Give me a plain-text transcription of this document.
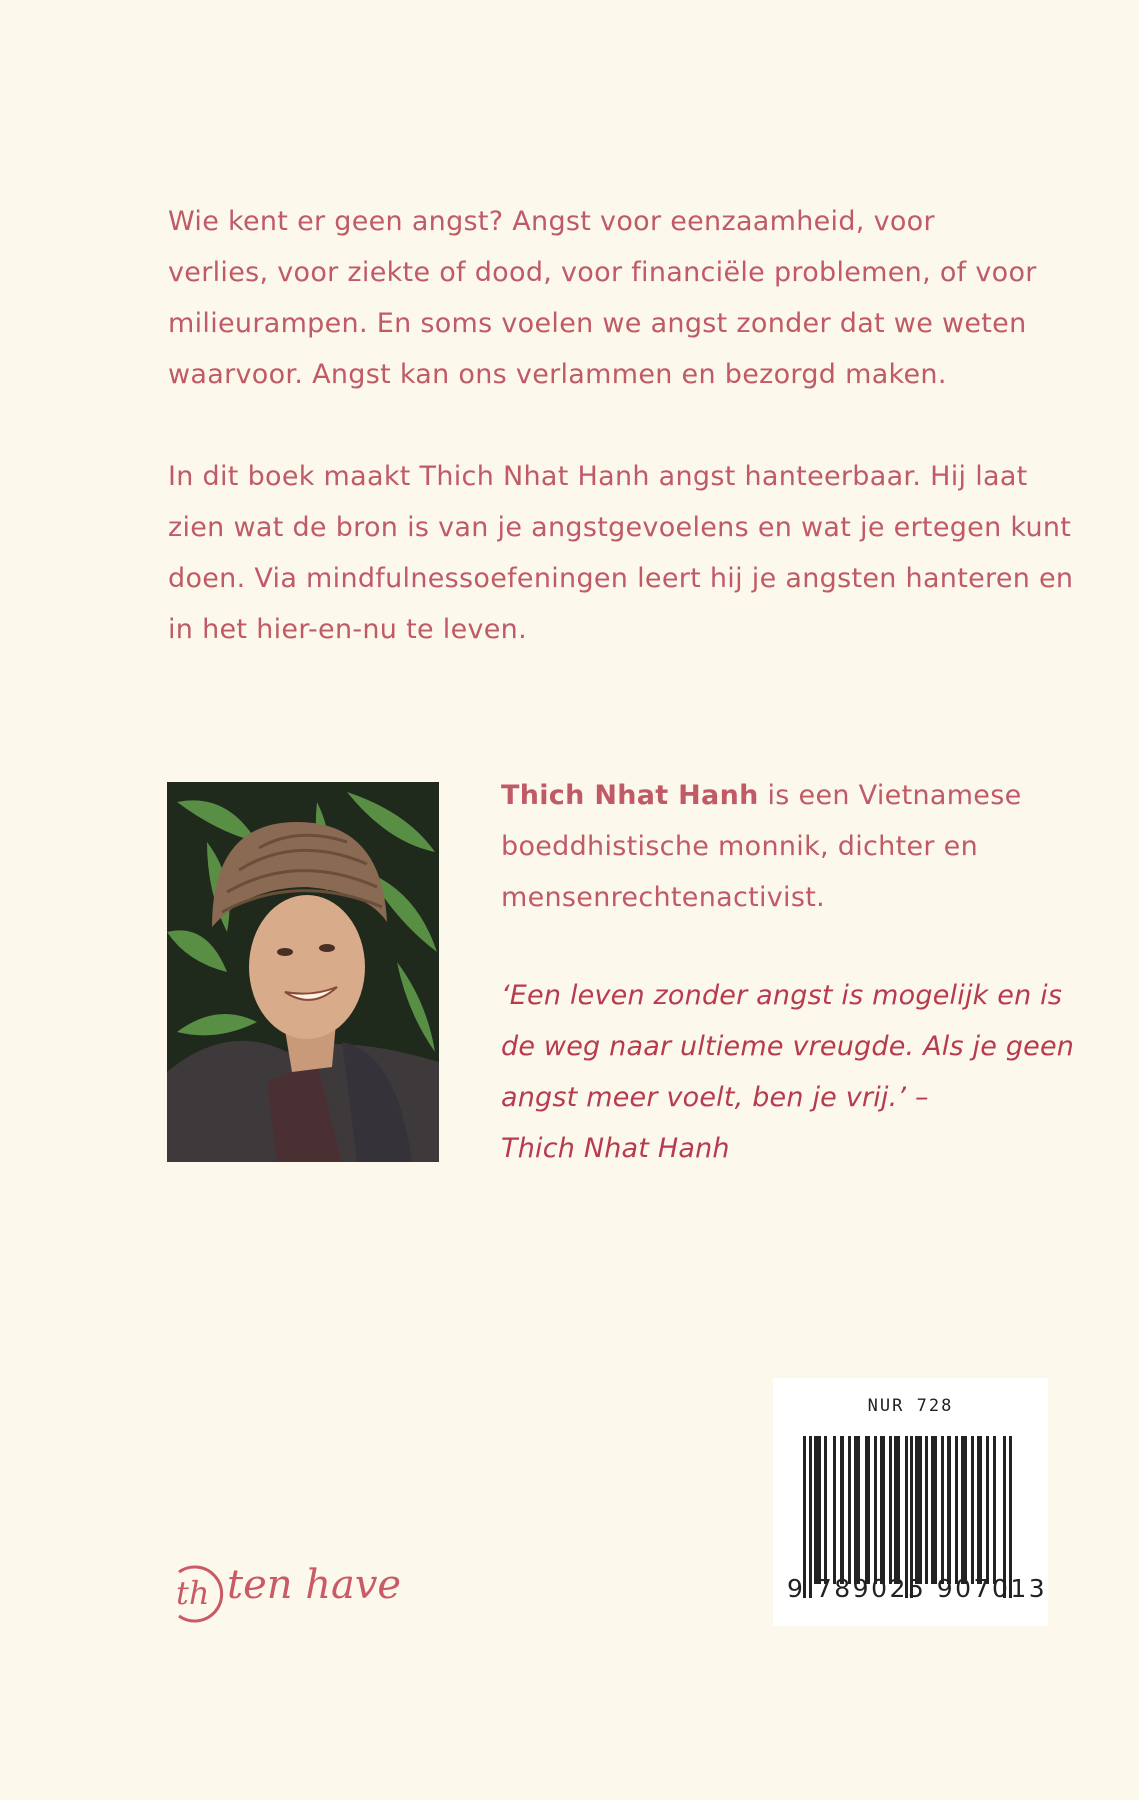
Wie kent er geen angst? Angst voor eenzaamheid, voor
verlies, voor ziekte of dood, voor financiële problemen, of voor
milieurampen. En soms voelen we angst zonder dat we weten
waarvoor. Angst kan ons verlammen en bezorgd maken.
In dit boek maakt Thich Nhat Hanh angst hanteerbaar. Hij laat
zien wat de bron is van je angstgevoelens en wat je ertegen kunt
doen. Via mindfulnessoefeningen leert hij je angsten hanteren en
in het hier-en-nu te leven.
Thich Nhat Hanh is een Vietnamese
boeddhistische monnik, dichter en
mensenrechtenactivist.
‘Een leven zonder angst is mogelijk en is
de weg naar ultieme vreugde. Als je geen
angst meer voelt, ben je vrij.’ –
Thich Nhat Hanh
NUR 728
9 789025 907013
th ten have
